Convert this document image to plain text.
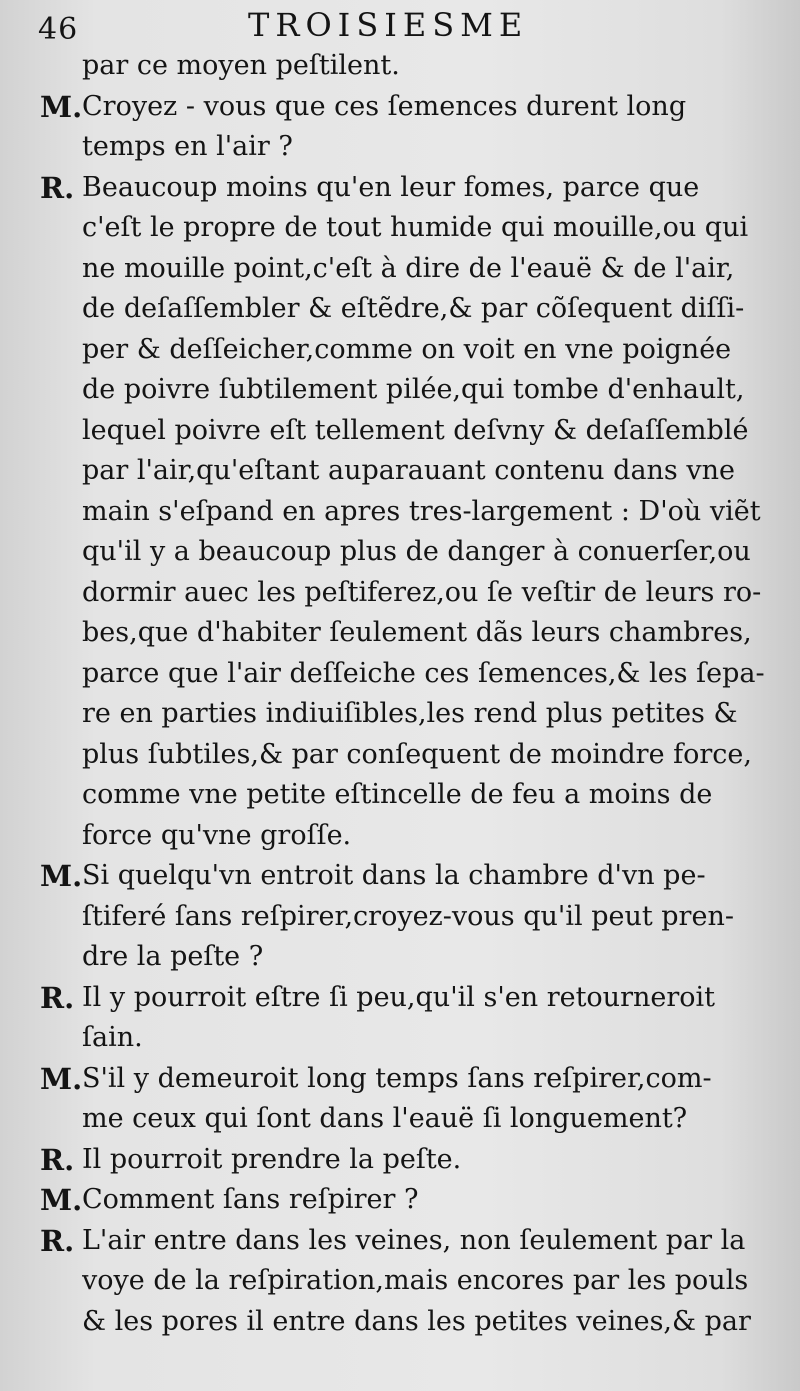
46	TROISIESME
par ce moyen peſtilent.
M. Croyez - vous que ces ſemences durent long
temps en l'air ?
R. Beaucoup moins qu'en leur fomes, parce que
c'eſt le propre de tout humide qui mouille,ou qui
ne mouille point,c'eſt à dire de l'eauë & de l'air,
de deſaſſembler & eſtẽdre,& par cõſequent diſſi-
per & deſſeicher,comme on voit en vne poignée
de poivre ſubtilement pilée,qui tombe d'enhault,
lequel poivre eſt tellement deſvny & deſaſſemblé
par l'air,qu'eſtant auparauant contenu dans vne
main s'eſpand en apres tres-largement : D'où viẽt
qu'il y a beaucoup plus de danger à conuerſer,ou
dormir auec les peſtiferez,ou ſe veſtir de leurs ro-
bes,que d'habiter ſeulement dãs leurs chambres,
parce que l'air deſſeiche ces ſemences,& les ſepa-
re en parties indiuiſibles,les rend plus petites &
plus ſubtiles,& par conſequent de moindre force,
comme vne petite eſtincelle de feu a moins de
force qu'vne groſſe.
M. Si quelqu'vn entroit dans la chambre d'vn pe-
ſtiferé ſans reſpirer,croyez-vous qu'il peut pren-
dre la peſte ?
R. Il y pourroit eſtre ſi peu,qu'il s'en retourneroit
ſain.
M. S'il y demeuroit long temps ſans reſpirer,com-
me ceux qui ſont dans l'eauë ſi longuement?
R. Il pourroit prendre la peſte.
M. Comment ſans reſpirer ?
R. L'air entre dans les veines, non ſeulement par la
voye de la reſpiration,mais encores par les pouls
& les pores il entre dans les petites veines,& par
